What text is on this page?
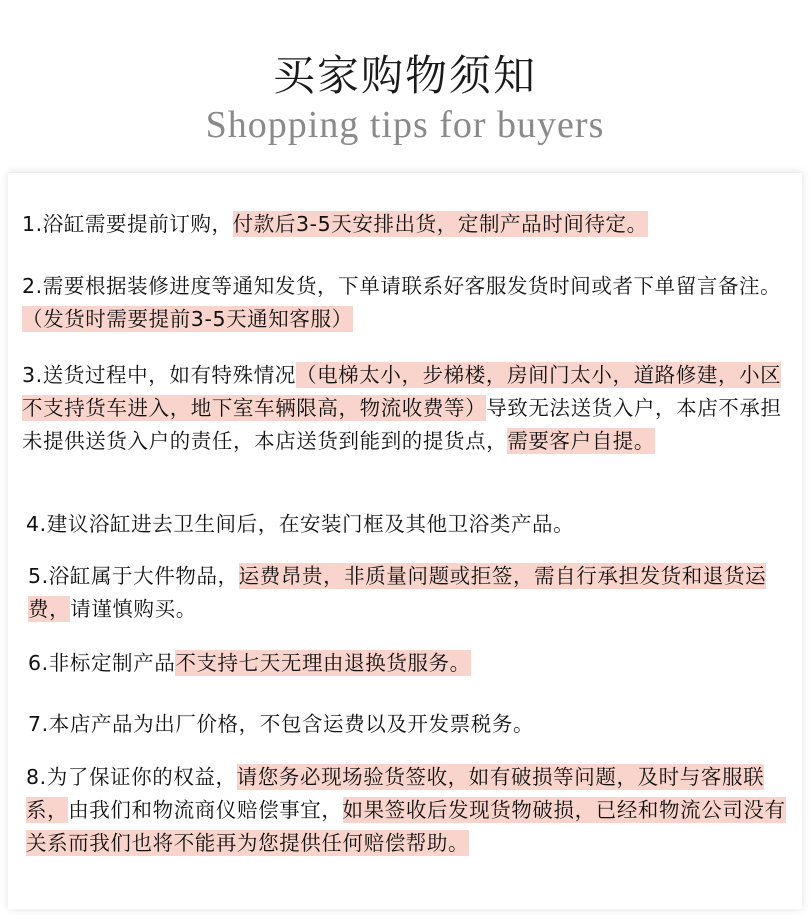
买家购物须知
Shopping tips for buyers
1.浴缸需要提前订购，付款后3-5天安排出货，定制产品时间待定。
2.需要根据装修进度等通知发货，下单请联系好客服发货时间或者下单留言备注。（发货时需要提前3-5天通知客服）
3.送货过程中，如有特殊情况（电梯太小，步梯楼，房间门太小，道路修建，小区不支持货车进入，地下室车辆限高，物流收费等）导致无法送货入户，本店不承担未提供送货入户的责任，本店送货到能到的提货点，需要客户自提。
4.建议浴缸进去卫生间后，在安装门框及其他卫浴类产品。
5.浴缸属于大件物品，运费昂贵，非质量问题或拒签，需自行承担发货和退货运费，请谨慎购买。
6.非标定制产品不支持七天无理由退换货服务。
7.本店产品为出厂价格，不包含运费以及开发票税务。
8.为了保证你的权益，请您务必现场验货签收，如有破损等问题，及时与客服联系，由我们和物流商仪赔偿事宜，如果签收后发现货物破损，已经和物流公司没有关系而我们也将不能再为您提供任何赔偿帮助。
